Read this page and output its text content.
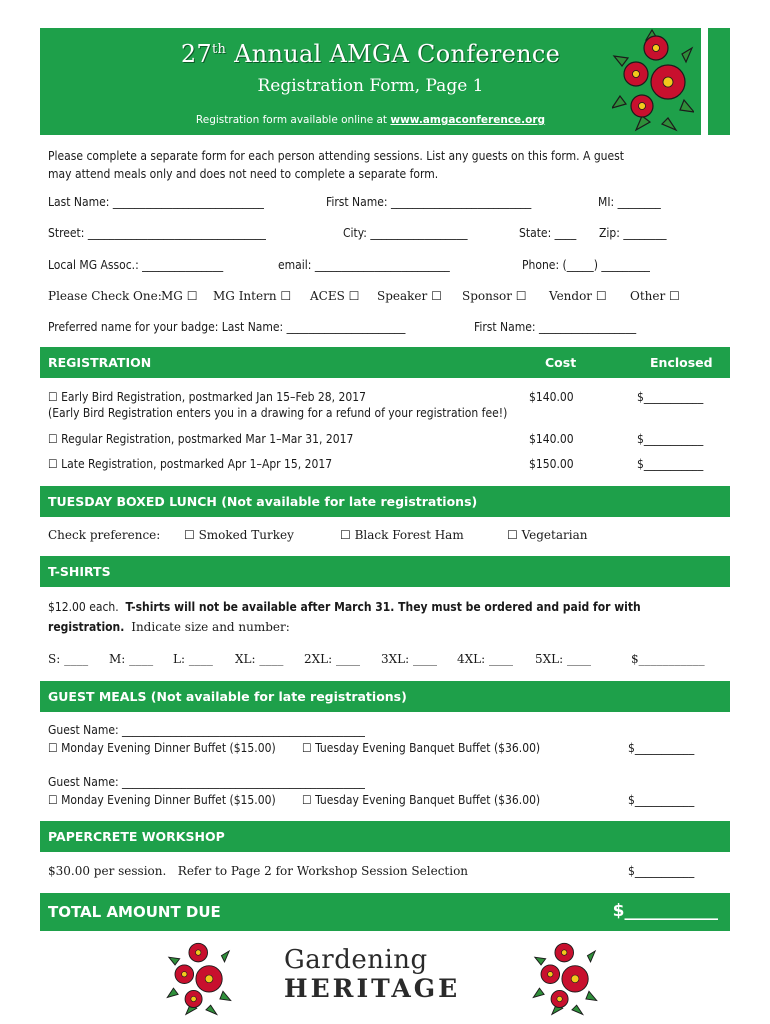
27th Annual AMGA Conference
Registration Form, Page 1
Registration form available online at www.amgaconference.org
Please complete a separate form for each person attending sessions. List any guests on this form. A guest
may attend meals only and does not need to complete a separate form.
Last Name: ____________________________	First Name: __________________________	MI: ________
Street: _________________________________	City: __________________	State: ____ Zip: ________
Local MG Assoc.: _______________	email: _________________________	Phone: (_____) _________
Please Check One: MG ☐ MG Intern ☐ ACES ☐ Speaker ☐ Sponsor ☐ Vendor ☐ Other ☐
Preferred name for your badge: Last Name: ______________________	First Name: __________________
REGISTRATION	Cost	Enclosed
☐ Early Bird Registration, postmarked Jan 15–Feb 28, 2017	$140.00	$___________
(Early Bird Registration enters you in a drawing for a refund of your registration fee!)
☐ Regular Registration, postmarked Mar 1–Mar 31, 2017	$140.00	$___________
☐ Late Registration, postmarked Apr 1–Apr 15, 2017	$150.00	$___________
TUESDAY BOXED LUNCH (Not available for late registrations)
Check preference: ☐ Smoked Turkey	☐ Black Forest Ham	☐ Vegetarian
T-SHIRTS
$12.00 each. T-shirts will not be available after March 31. They must be ordered and paid for with
registration. Indicate size and number:
S: ____ M: ____ L: ____ XL: ____ 2XL: ____ 3XL: ____ 4XL: ____ 5XL: ____	$___________
GUEST MEALS (Not available for late registrations)
Guest Name: _____________________________________________
☐ Monday Evening Dinner Buffet ($15.00) ☐ Tuesday Evening Banquet Buffet ($36.00)	$___________
Guest Name: _____________________________________________
☐ Monday Evening Dinner Buffet ($15.00) ☐ Tuesday Evening Banquet Buffet ($36.00)	$___________
PAPERCRETE WORKSHOP
$30.00 per session. Refer to Page 2 for Workshop Session Selection	$___________
TOTAL AMOUNT DUE	$___________
Gardening
HERITAGE
